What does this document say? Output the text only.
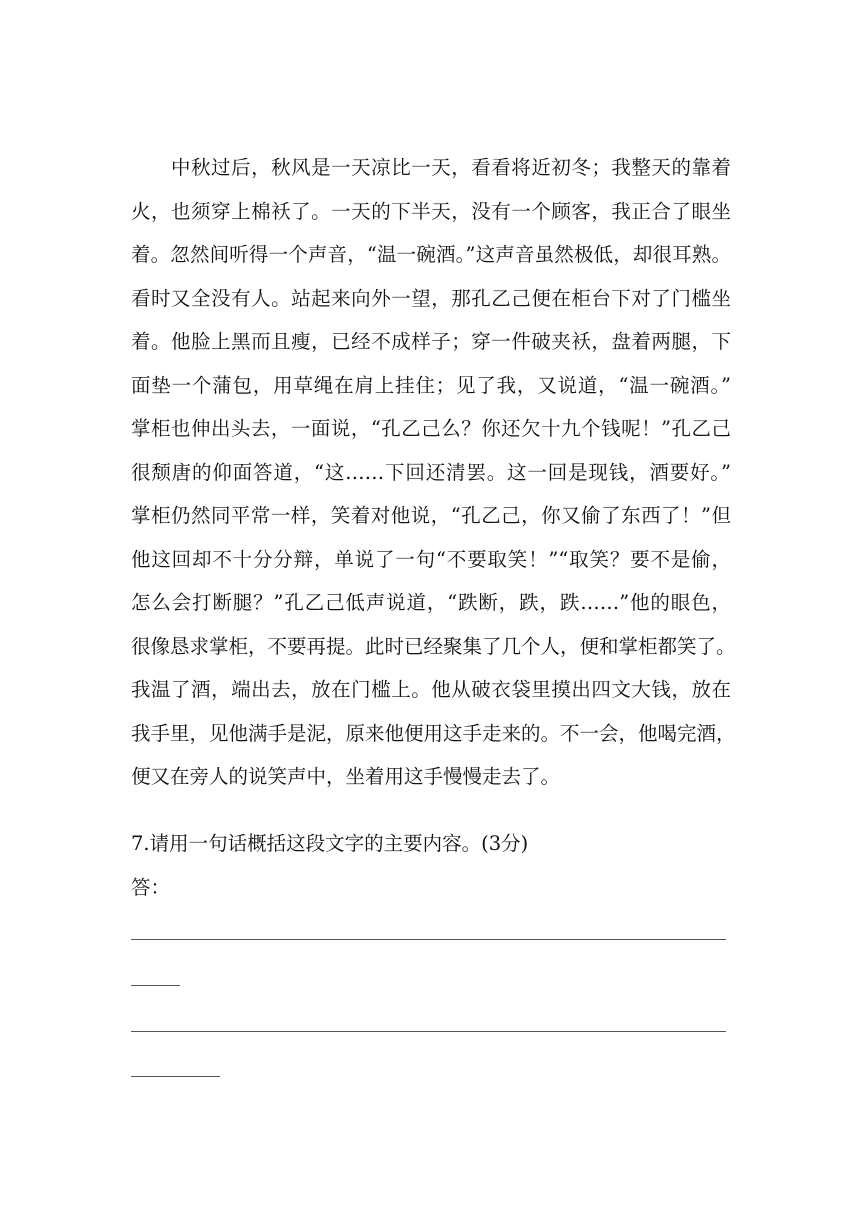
中秋过后，秋风是一天凉比一天，看看将近初冬；我整天的靠着
火，也须穿上棉袄了。一天的下半天，没有一个顾客，我正合了眼坐
着。忽然间听得一个声音，“温一碗酒。”这声音虽然极低，却很耳熟。
看时又全没有人。站起来向外一望，那孔乙己便在柜台下对了门槛坐
着。他脸上黑而且瘦，已经不成样子；穿一件破夹袄，盘着两腿，下
面垫一个蒲包，用草绳在肩上挂住；见了我，又说道，“温一碗酒。”
掌柜也伸出头去，一面说，“孔乙己么？你还欠十九个钱呢！”孔乙己
很颓唐的仰面答道，“这……下回还清罢。这一回是现钱，酒要好。”
掌柜仍然同平常一样，笑着对他说，“孔乙己，你又偷了东西了！”但
他这回却不十分分辩，单说了一句“不要取笑！”“取笑？要不是偷，
怎么会打断腿？”孔乙己低声说道，“跌断，跌，跌……”他的眼色，
很像恳求掌柜，不要再提。此时已经聚集了几个人，便和掌柜都笑了。
我温了酒，端出去，放在门槛上。他从破衣袋里摸出四文大钱，放在
我手里，见他满手是泥，原来他便用这手走来的。不一会，他喝完酒，
便又在旁人的说笑声中，坐着用这手慢慢走去了。
7.请用一句话概括这段文字的主要内容。(3分)
答：
